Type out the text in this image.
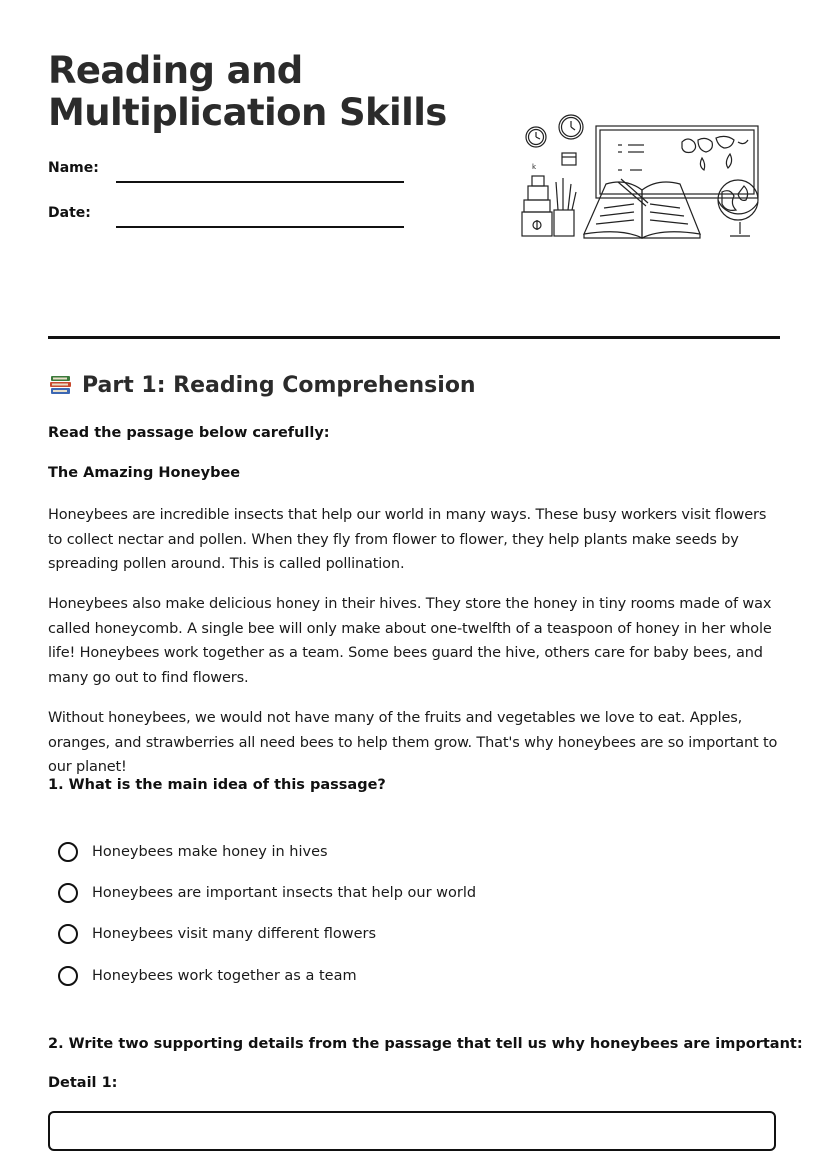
Reading and
Multiplication Skills
Name:
Date:
k
Part 1: Reading Comprehension

Read the passage below carefully:

The Amazing Honeybee

Honeybees are incredible insects that help our world in many ways. These busy workers visit flowers to collect nectar and pollen. When they fly from flower to flower, they help plants make seeds by spreading pollen around. This is called pollination.

Honeybees also make delicious honey in their hives. They store the honey in tiny rooms made of wax called honeycomb. A single bee will only make about one-twelfth of a teaspoon of honey in her whole life! Honeybees work together as a team. Some bees guard the hive, others care for baby bees, and many go out to find flowers.

Without honeybees, we would not have many of the fruits and vegetables we love to eat. Apples, oranges, and strawberries all need bees to help them grow. That's why honeybees are so important to our planet!

1. What is the main idea of this passage?

Honeybees make honey in hives
Honeybees are important insects that help our world
Honeybees visit many different flowers
Honeybees work together as a team

2. Write two supporting details from the passage that tell us why honeybees are important:

Detail 1:
